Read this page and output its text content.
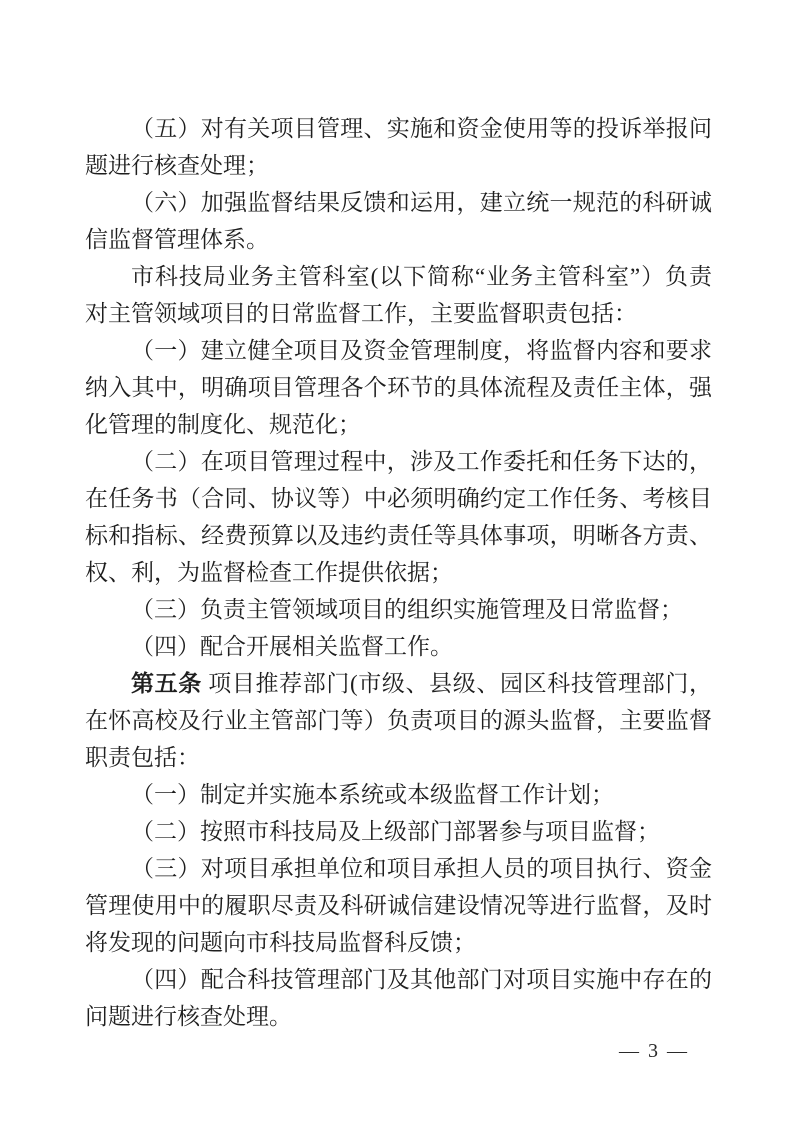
（五）对有关项目管理、实施和资金使用等的投诉举报问
题进行核查处理；
（六）加强监督结果反馈和运用，建立统一规范的科研诚
信监督管理体系。
市科技局业务主管科室(以下简称“业务主管科室”）负责
对主管领域项目的日常监督工作，主要监督职责包括：
（一）建立健全项目及资金管理制度，将监督内容和要求
纳入其中，明确项目管理各个环节的具体流程及责任主体，强
化管理的制度化、规范化；
（二）在项目管理过程中，涉及工作委托和任务下达的，
在任务书（合同、协议等）中必须明确约定工作任务、考核目
标和指标、经费预算以及违约责任等具体事项，明晰各方责、
权、利，为监督检查工作提供依据；
（三）负责主管领域项目的组织实施管理及日常监督；
（四）配合开展相关监督工作。
第五条 项目推荐部门(市级、县级、园区科技管理部门，
在怀高校及行业主管部门等）负责项目的源头监督，主要监督
职责包括：
（一）制定并实施本系统或本级监督工作计划；
（二）按照市科技局及上级部门部署参与项目监督；
（三）对项目承担单位和项目承担人员的项目执行、资金
管理使用中的履职尽责及科研诚信建设情况等进行监督，及时
将发现的问题向市科技局监督科反馈；
（四）配合科技管理部门及其他部门对项目实施中存在的
问题进行核查处理。
— 3 —
